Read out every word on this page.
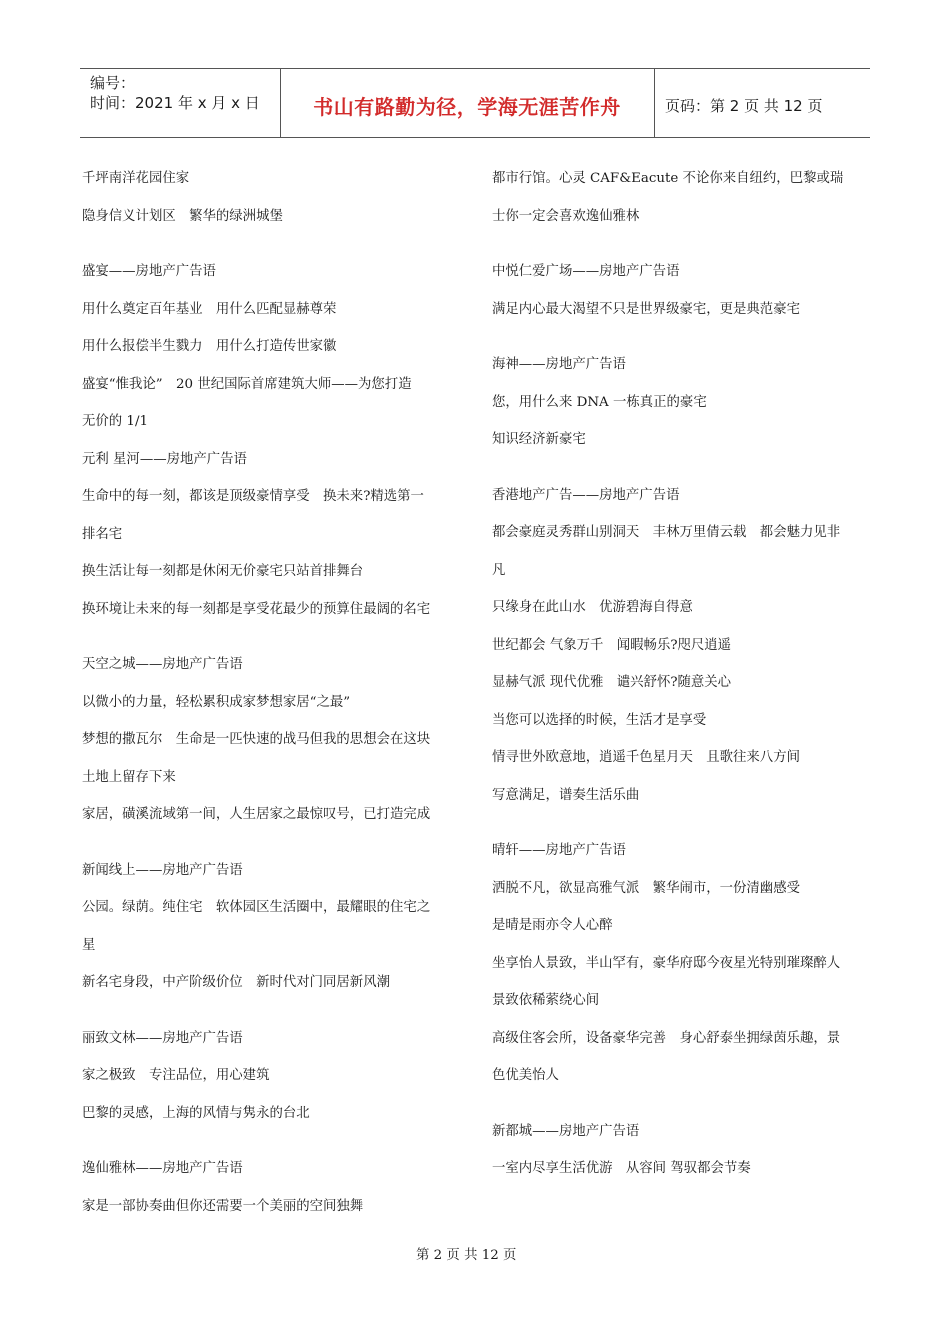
编号：
时间：2021 年 x 月 x 日	书山有路勤为径，学海无涯苦作舟	页码：第 2 页 共 12 页
千坪南洋花园住家
隐身信义计划区　繁华的绿洲城堡
盛宴——房地产广告语
用什么奠定百年基业　用什么匹配显赫尊荣
用什么报偿半生戮力　用什么打造传世家徽
盛宴“惟我论”　20 世纪国际首席建筑大师——为您打造
无价的 1/1
元利 星河——房地产广告语
生命中的每一刻，都该是顶级豪情享受　换未来?精选第一
排名宅
换生活让每一刻都是休闲无价豪宅只站首排舞台
换环境让未来的每一刻都是享受花最少的预算住最阔的名宅
天空之城——房地产广告语
以微小的力量，轻松累积成家梦想家居“之最”
梦想的撒瓦尔　生命是一匹快速的战马但我的思想会在这块
土地上留存下来
家居，磺溪流域第一间，人生居家之最惊叹号，已打造完成
新闻线上——房地产广告语
公园。绿荫。纯住宅　软体园区生活圈中，最耀眼的住宅之
星
新名宅身段，中产阶级价位　新时代对门同居新风潮
丽致文林——房地产广告语
家之极致　专注品位，用心建筑
巴黎的灵感，上海的风情与隽永的台北
逸仙雅林——房地产广告语
家是一部协奏曲但你还需要一个美丽的空间独舞
都市行馆。心灵 CAF&Eacute 不论你来自纽约，巴黎或瑞
士你一定会喜欢逸仙雅林
中悦仁爱广场——房地产广告语
满足内心最大渴望不只是世界级豪宅，更是典范豪宅
海神——房地产广告语
您，用什么来 DNA 一栋真正的豪宅
知识经济新豪宅
香港地产广告——房地产广告语
都会豪庭灵秀群山别洞天　丰林万里倩云载　都会魅力见非
凡
只缘身在此山水　优游碧海自得意
世纪都会 气象万千　闻暇畅乐?咫尺逍遥
显赫气派 现代优雅　谴兴舒怀?随意关心
当您可以选择的时候，生活才是享受
情寻世外欧意地，逍遥千色星月天　且歌往来八方间
写意满足，谱奏生活乐曲
晴轩——房地产广告语
洒脱不凡，欲显高雅气派　繁华闹市，一份清幽感受
是晴是雨亦令人心醉
坐享怡人景致，半山罕有，豪华府邸今夜星光特别璀璨醉人
景致依稀萦绕心间
高级住客会所，设备豪华完善　身心舒泰坐拥绿茵乐趣，景
色优美怡人
新都城——房地产广告语
一室内尽享生活优游　从容间 驾驭都会节奏
第 2 页 共 12 页
